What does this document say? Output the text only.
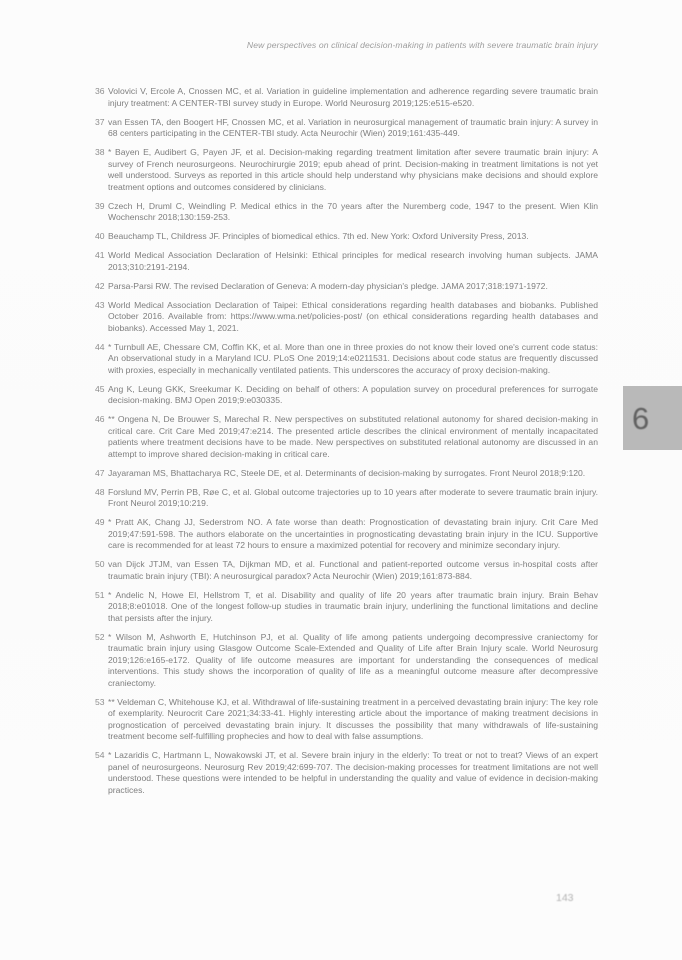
New perspectives on clinical decision-making in patients with severe traumatic brain injury
36 Volovici V, Ercole A, Cnossen MC, et al. Variation in guideline implementation and adherence regarding severe traumatic brain injury treatment: A CENTER-TBI survey study in Europe. World Neurosurg 2019;125:e515-e520.
37 van Essen TA, den Boogert HF, Cnossen MC, et al. Variation in neurosurgical management of traumatic brain injury: A survey in 68 centers participating in the CENTER-TBI study. Acta Neurochir (Wien) 2019;161:435-449.
38 * Bayen E, Audibert G, Payen JF, et al. Decision-making regarding treatment limitation after severe traumatic brain injury: A survey of French neurosurgeons. Neurochirurgie 2019; epub ahead of print. Decision-making in treatment limitations is not yet well understood. Surveys as reported in this article should help understand why physicians make decisions and should explore treatment options and outcomes considered by clinicians.
39 Czech H, Druml C, Weindling P. Medical ethics in the 70 years after the Nuremberg code, 1947 to the present. Wien Klin Wochenschr 2018;130:159-253.
40 Beauchamp TL, Childress JF. Principles of biomedical ethics. 7th ed. New York: Oxford University Press, 2013.
41 World Medical Association Declaration of Helsinki: Ethical principles for medical research involving human subjects. JAMA 2013;310:2191-2194.
42 Parsa-Parsi RW. The revised Declaration of Geneva: A modern-day physician's pledge. JAMA 2017;318:1971-1972.
43 World Medical Association Declaration of Taipei: Ethical considerations regarding health databases and biobanks. Published October 2016. Available from: https://www.wma.net/policies-post/ (on ethical considerations regarding health databases and biobanks). Accessed May 1, 2021.
44 * Turnbull AE, Chessare CM, Coffin KK, et al. More than one in three proxies do not know their loved one's current code status: An observational study in a Maryland ICU. PLoS One 2019;14:e0211531. Decisions about code status are frequently discussed with proxies, especially in mechanically ventilated patients. This underscores the accuracy of proxy decision-making.
45 Ang K, Leung GKK, Sreekumar K. Deciding on behalf of others: A population survey on procedural preferences for surrogate decision-making. BMJ Open 2019;9:e030335.
46 ** Ongena N, De Brouwer S, Marechal R. New perspectives on substituted relational autonomy for shared decision-making in critical care. Crit Care Med 2019;47:e214. The presented article describes the clinical environment of mentally incapacitated patients where treatment decisions have to be made. New perspectives on substituted relational autonomy are discussed in an attempt to improve shared decision-making in critical care.
47 Jayaraman MS, Bhattacharya RC, Steele DE, et al. Determinants of decision-making by surrogates. Front Neurol 2018;9:120.
48 Forslund MV, Perrin PB, Røe C, et al. Global outcome trajectories up to 10 years after moderate to severe traumatic brain injury. Front Neurol 2019;10:219.
49 * Pratt AK, Chang JJ, Sederstrom NO. A fate worse than death: Prognostication of devastating brain injury. Crit Care Med 2019;47:591-598. The authors elaborate on the uncertainties in prognosticating devastating brain injury in the ICU. Supportive care is recommended for at least 72 hours to ensure a maximized potential for recovery and minimize secondary injury.
50 van Dijck JTJM, van Essen TA, Dijkman MD, et al. Functional and patient-reported outcome versus in-hospital costs after traumatic brain injury (TBI): A neurosurgical paradox? Acta Neurochir (Wien) 2019;161:873-884.
51 * Andelic N, Howe EI, Hellstrom T, et al. Disability and quality of life 20 years after traumatic brain injury. Brain Behav 2018;8:e01018. One of the longest follow-up studies in traumatic brain injury, underlining the functional limitations and decline that persists after the injury.
52 * Wilson M, Ashworth E, Hutchinson PJ, et al. Quality of life among patients undergoing decompressive craniectomy for traumatic brain injury using Glasgow Outcome Scale-Extended and Quality of Life after Brain Injury scale. World Neurosurg 2019;126:e165-e172. Quality of life outcome measures are important for understanding the consequences of medical interventions. This study shows the incorporation of quality of life as a meaningful outcome measure after decompressive craniectomy.
53 ** Veldeman C, Whitehouse KJ, et al. Withdrawal of life-sustaining treatment in a perceived devastating brain injury: The key role of exemplarity. Neurocrit Care 2021;34:33-41. Highly interesting article about the importance of making treatment decisions in prognostication of perceived devastating brain injury. It discusses the possibility that many withdrawals of life-sustaining treatment become self-fulfilling prophecies and how to deal with false assumptions.
54 * Lazaridis C, Hartmann L, Nowakowski JT, et al. Severe brain injury in the elderly: To treat or not to treat? Views of an expert panel of neurosurgeons. Neurosurg Rev 2019;42:699-707. The decision-making processes for treatment limitations are not well understood. These questions were intended to be helpful in understanding the quality and value of evidence in decision-making practices.
6
143
